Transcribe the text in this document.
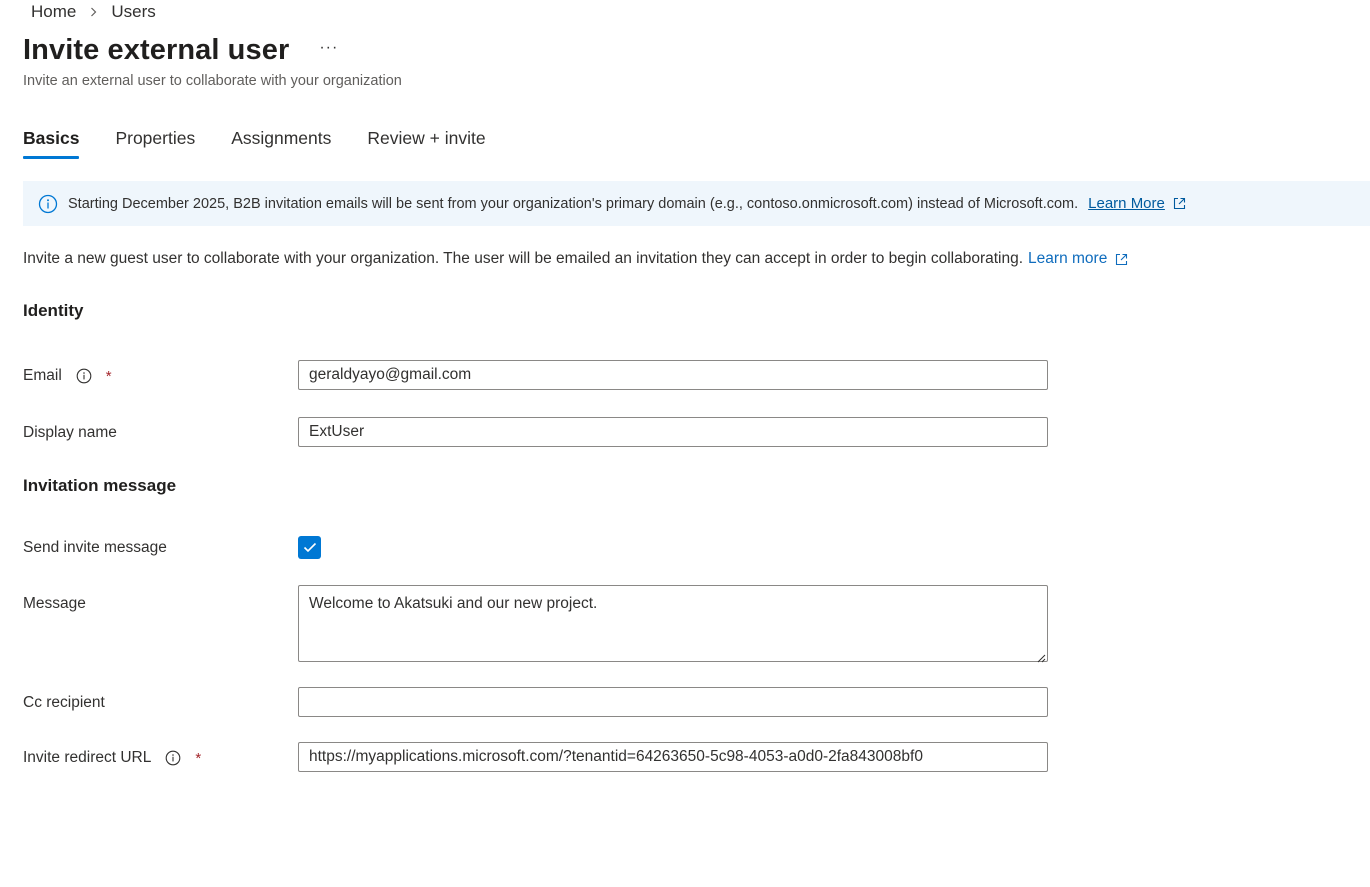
Home Users
Invite external user ···
Invite an external user to collaborate with your organization
Basics Properties Assignments Review + invite
Starting December 2025, B2B invitation emails will be sent from your organization's primary domain (e.g., contoso.onmicrosoft.com) instead of Microsoft.com. Learn More
Invite a new guest user to collaborate with your organization. The user will be emailed an invitation they can accept in order to begin collaborating. Learn more
Identity
Email	*	geraldyayo@gmail.com
Display name	ExtUser
Invitation message
Send invite message
Message	Welcome to Akatsuki and our new project.
Cc recipient
Invite redirect URL	*	https://myapplications.microsoft.com/?tenantid=64263650-5c98-4053-a0d0-2fa843008bf0
